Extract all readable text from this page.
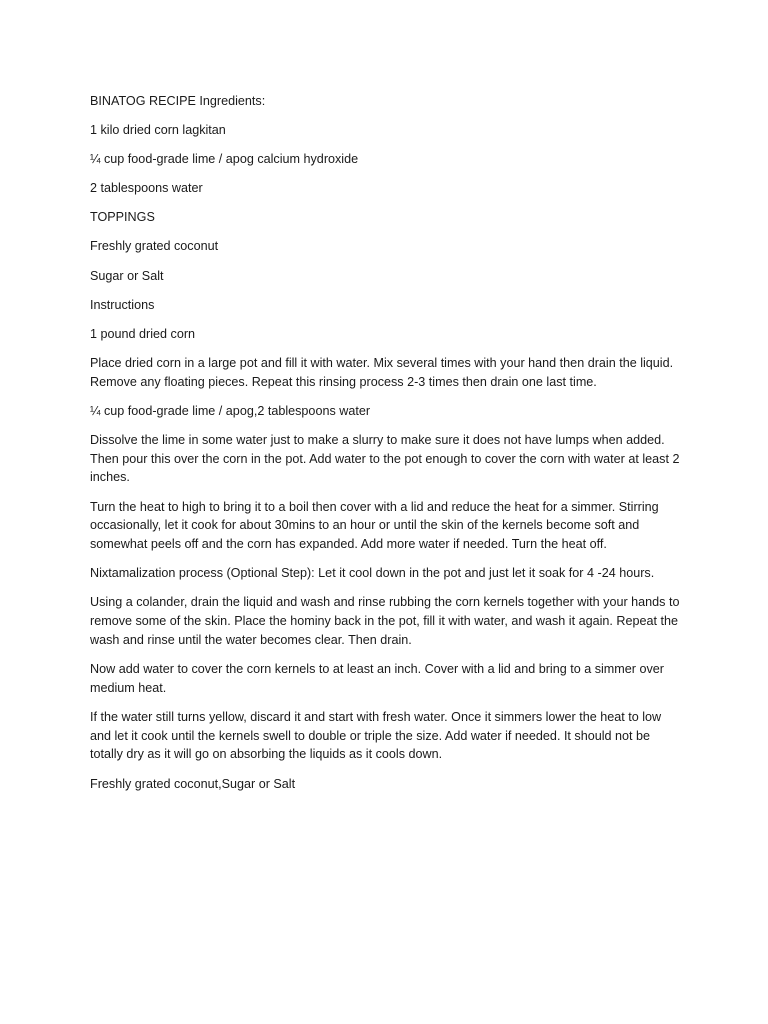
BINATOG RECIPE Ingredients:

1 kilo dried corn lagkitan

¼ cup food-grade lime / apog calcium hydroxide

2 tablespoons water

TOPPINGS

Freshly grated coconut

Sugar or Salt

Instructions

1 pound dried corn

Place dried corn in a large pot and fill it with water. Mix several times with your hand then drain the liquid. Remove any floating pieces. Repeat this rinsing process 2-3 times then drain one last time.

¼ cup food-grade lime / apog,2 tablespoons water

Dissolve the lime in some water just to make a slurry to make sure it does not have lumps when added. Then pour this over the corn in the pot. Add water to the pot enough to cover the corn with water at least 2 inches.

Turn the heat to high to bring it to a boil then cover with a lid and reduce the heat for a simmer. Stirring occasionally, let it cook for about 30mins to an hour or until the skin of the kernels become soft and somewhat peels off and the corn has expanded. Add more water if needed. Turn the heat off.

Nixtamalization process (Optional Step): Let it cool down in the pot and just let it soak for 4 -24 hours.

Using a colander, drain the liquid and wash and rinse rubbing the corn kernels together with your hands to remove some of the skin. Place the hominy back in the pot, fill it with water, and wash it again. Repeat the wash and rinse until the water becomes clear. Then drain.

Now add water to cover the corn kernels to at least an inch. Cover with a lid and bring to a simmer over medium heat.

If the water still turns yellow, discard it and start with fresh water. Once it simmers lower the heat to low and let it cook until the kernels swell to double or triple the size. Add water if needed. It should not be totally dry as it will go on absorbing the liquids as it cools down.

Freshly grated coconut,Sugar or Salt
